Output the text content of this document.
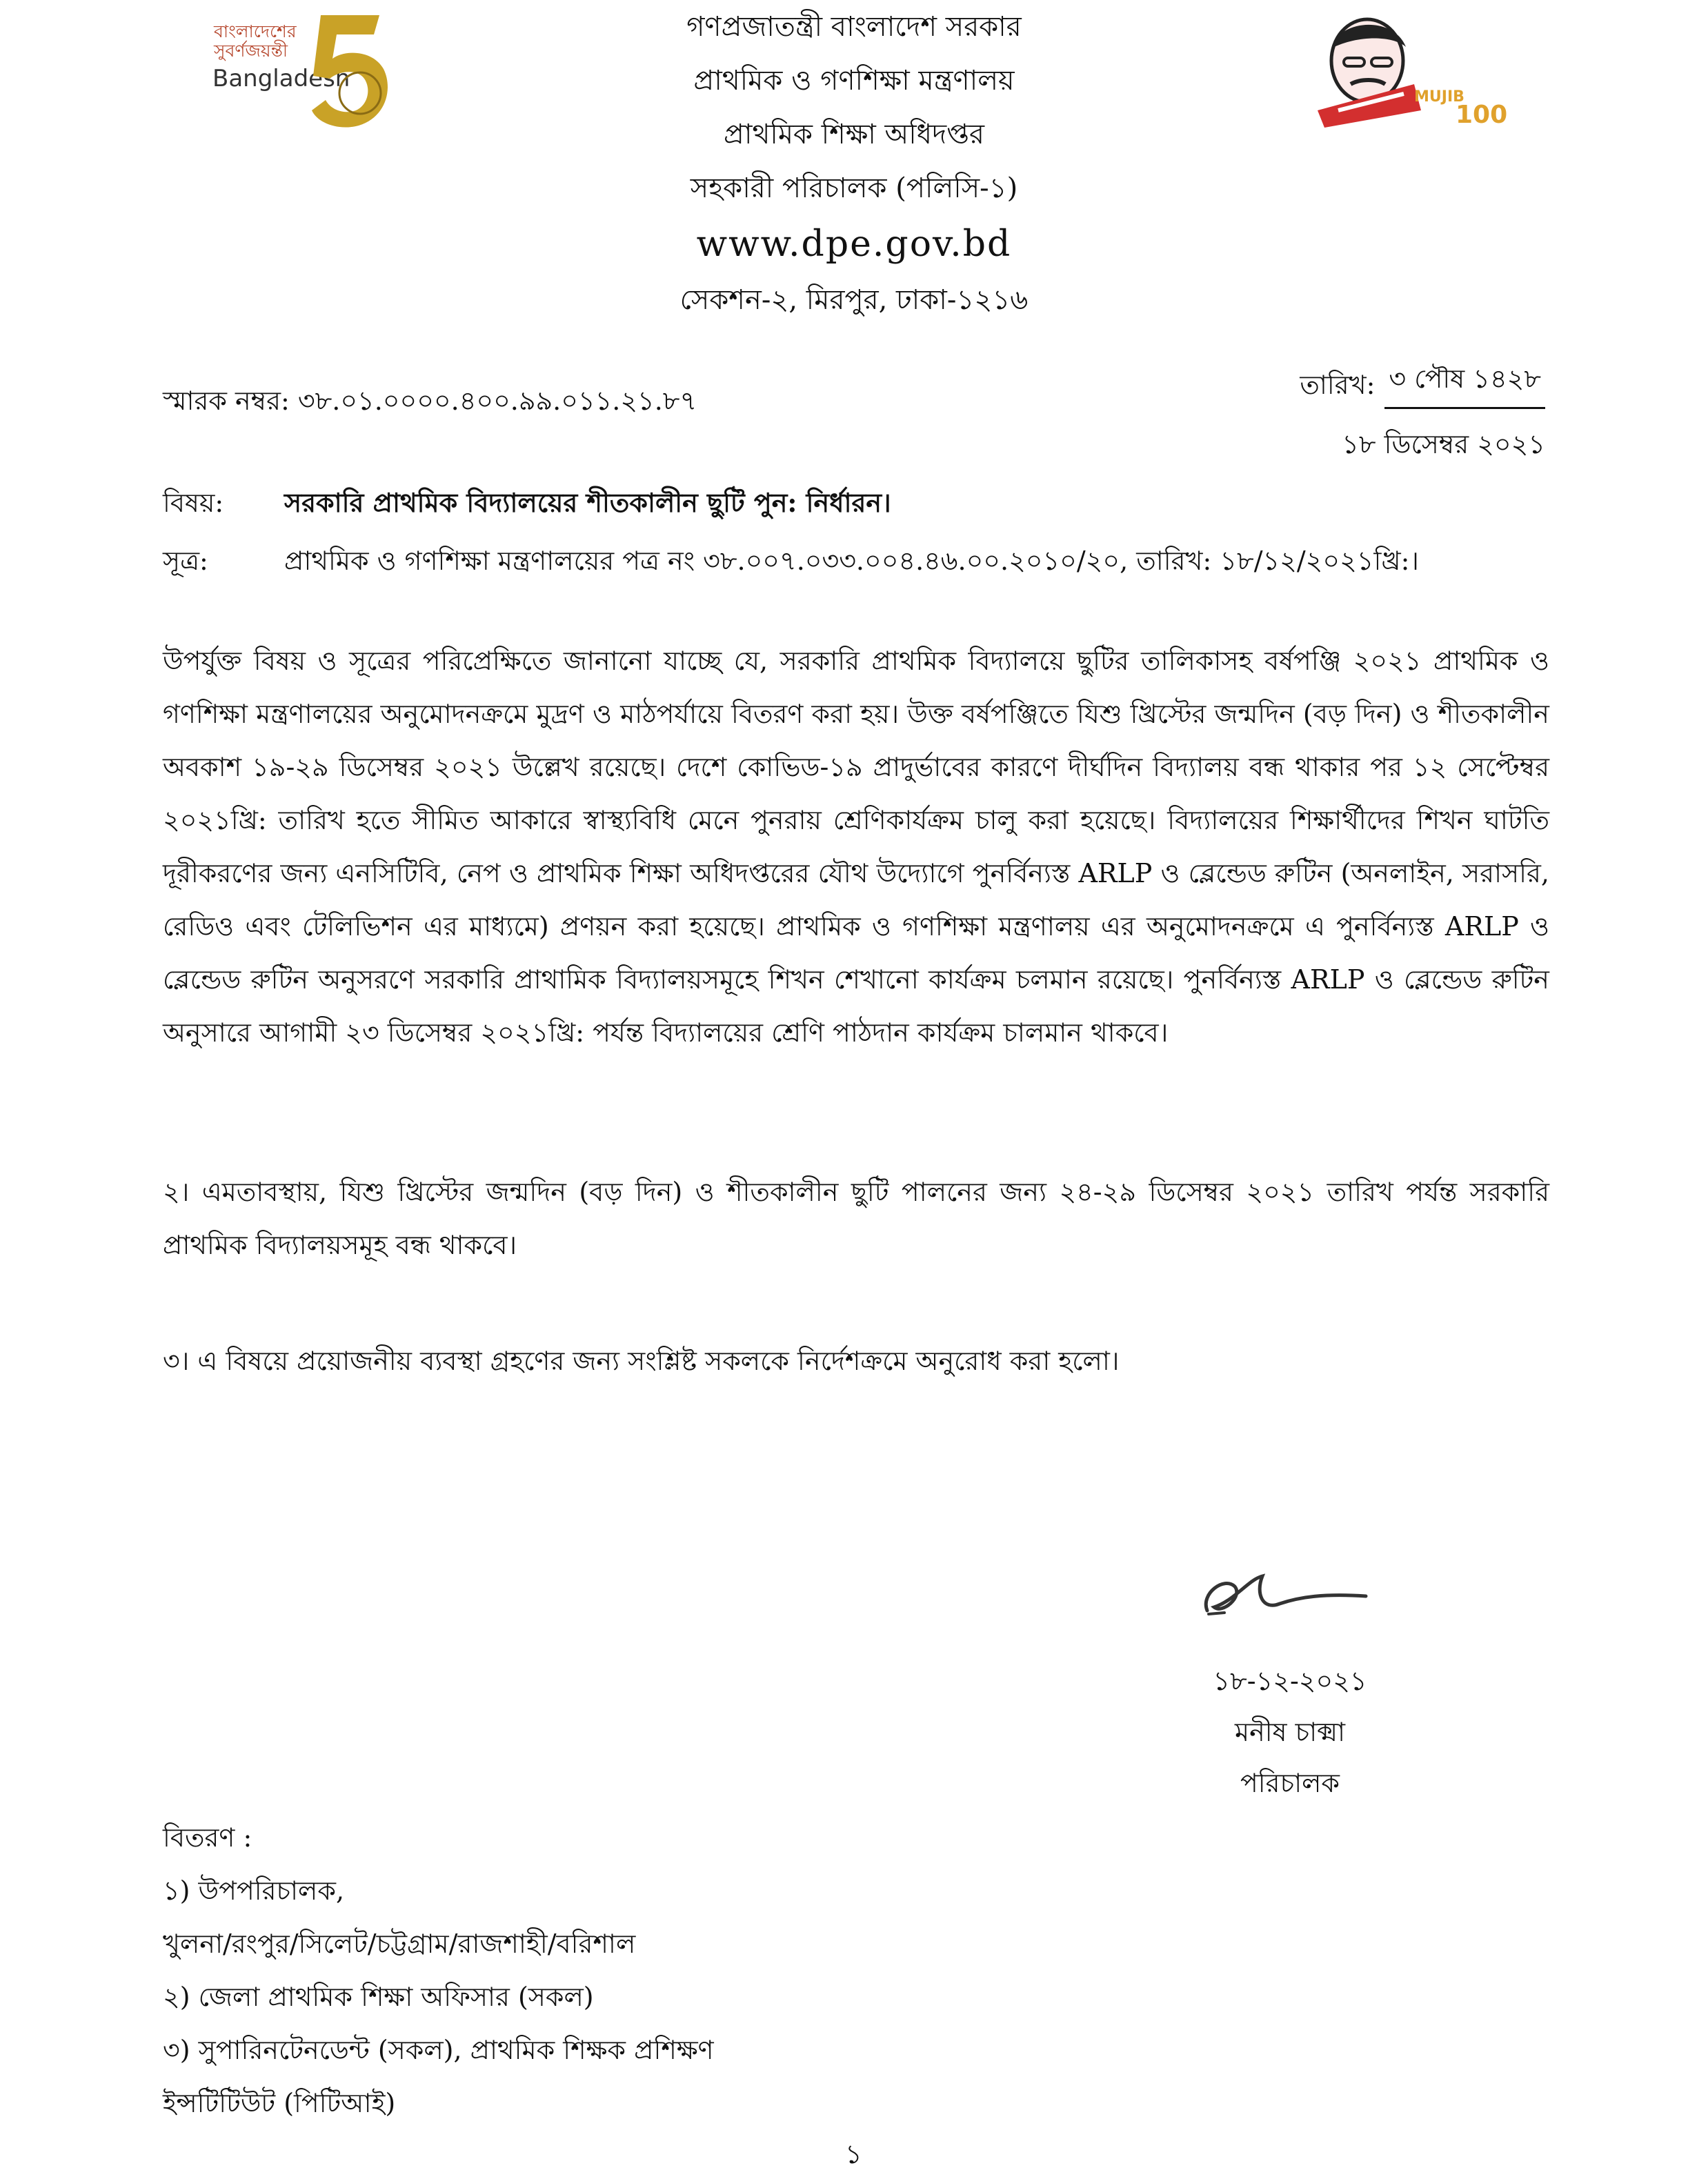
বাংলাদেশের
সুবর্ণজয়ন্তী
Bangladesh
গণপ্রজাতন্ত্রী বাংলাদেশ সরকার
প্রাথমিক ও গণশিক্ষা মন্ত্রণালয়
প্রাথমিক শিক্ষা অধিদপ্তর
সহকারী পরিচালক (পলিসি-১)
www.dpe.gov.bd
সেকশন-২, মিরপুর, ঢাকা-১২১৬
MUJIB
100
স্মারক নম্বর: ৩৮.০১.০০০০.৪০০.৯৯.০১১.২১.৮৭
তারিখ: ৩ পৌষ ১৪২৮
১৮ ডিসেম্বর ২০২১
বিষয়:	সরকারি প্রাথমিক বিদ্যালয়ের শীতকালীন ছুটি পুন: নির্ধারন।
সূত্র:	প্রাথমিক ও গণশিক্ষা মন্ত্রণালয়ের পত্র নং ৩৮.০০৭.০৩৩.০০৪.৪৬.০০.২০১০/২০, তারিখ: ১৮/১২/২০২১খ্রি:।

উপর্যুক্ত বিষয় ও সূত্রের পরিপ্রেক্ষিতে জানানো যাচ্ছে যে, সরকারি প্রাথমিক বিদ্যালয়ে ছুটির তালিকাসহ বর্ষপঞ্জি ২০২১ প্রাথমিক ও গণশিক্ষা মন্ত্রণালয়ের অনুমোদনক্রমে মুদ্রণ ও মাঠপর্যায়ে বিতরণ করা হয়। উক্ত বর্ষপঞ্জিতে যিশু খ্রিস্টের জন্মদিন (বড় দিন) ও শীতকালীন অবকাশ ১৯-২৯ ডিসেম্বর ২০২১ উল্লেখ রয়েছে। দেশে কোভিড-১৯ প্রাদুর্ভাবের কারণে দীর্ঘদিন বিদ্যালয় বন্ধ থাকার পর ১২ সেপ্টেম্বর ২০২১খ্রি: তারিখ হতে সীমিত আকারে স্বাস্থ্যবিধি মেনে পুনরায় শ্রেণিকার্যক্রম চালু করা হয়েছে। বিদ্যালয়ের শিক্ষার্থীদের শিখন ঘাটতি দূরীকরণের জন্য এনসিটিবি, নেপ ও প্রাথমিক শিক্ষা অধিদপ্তরের যৌথ উদ্যোগে পুনর্বিন্যস্ত ARLP ও ব্লেন্ডেড রুটিন (অনলাইন, সরাসরি, রেডিও এবং টেলিভিশন এর মাধ্যমে) প্রণয়ন করা হয়েছে। প্রাথমিক ও গণশিক্ষা মন্ত্রণালয় এর অনুমোদনক্রমে এ পুনর্বিন্যস্ত ARLP ও ব্লেন্ডেড রুটিন অনুসরণে সরকারি প্রাথামিক বিদ্যালয়সমূহে শিখন শেখানো কার্যক্রম চলমান রয়েছে। পুনর্বিন্যস্ত ARLP ও ব্লেন্ডেড রুটিন অনুসারে আগামী ২৩ ডিসেম্বর ২০২১খ্রি: পর্যন্ত বিদ্যালয়ের শ্রেণি পাঠদান কার্যক্রম চালমান থাকবে।

২। এমতাবস্থায়, যিশু খ্রিস্টের জন্মদিন (বড় দিন) ও শীতকালীন ছুটি পালনের জন্য ২৪-২৯ ডিসেম্বর ২০২১ তারিখ পর্যন্ত সরকারি প্রাথমিক বিদ্যালয়সমূহ বন্ধ থাকবে।

৩। এ বিষয়ে প্রয়োজনীয় ব্যবস্থা গ্রহণের জন্য সংশ্লিষ্ট সকলকে নির্দেশক্রমে অনুরোধ করা হলো।

১৮-১২-২০২১
মনীষ চাক্মা
পরিচালক
বিতরণ :
১) উপপরিচালক,
খুলনা/রংপুর/সিলেট/চট্টগ্রাম/রাজশাহী/বরিশাল
২) জেলা প্রাথমিক শিক্ষা অফিসার (সকল)
৩) সুপারিনটেনডেন্ট (সকল), প্রাথমিক শিক্ষক প্রশিক্ষণ
ইন্সটিটিউট (পিটিআই)
১
